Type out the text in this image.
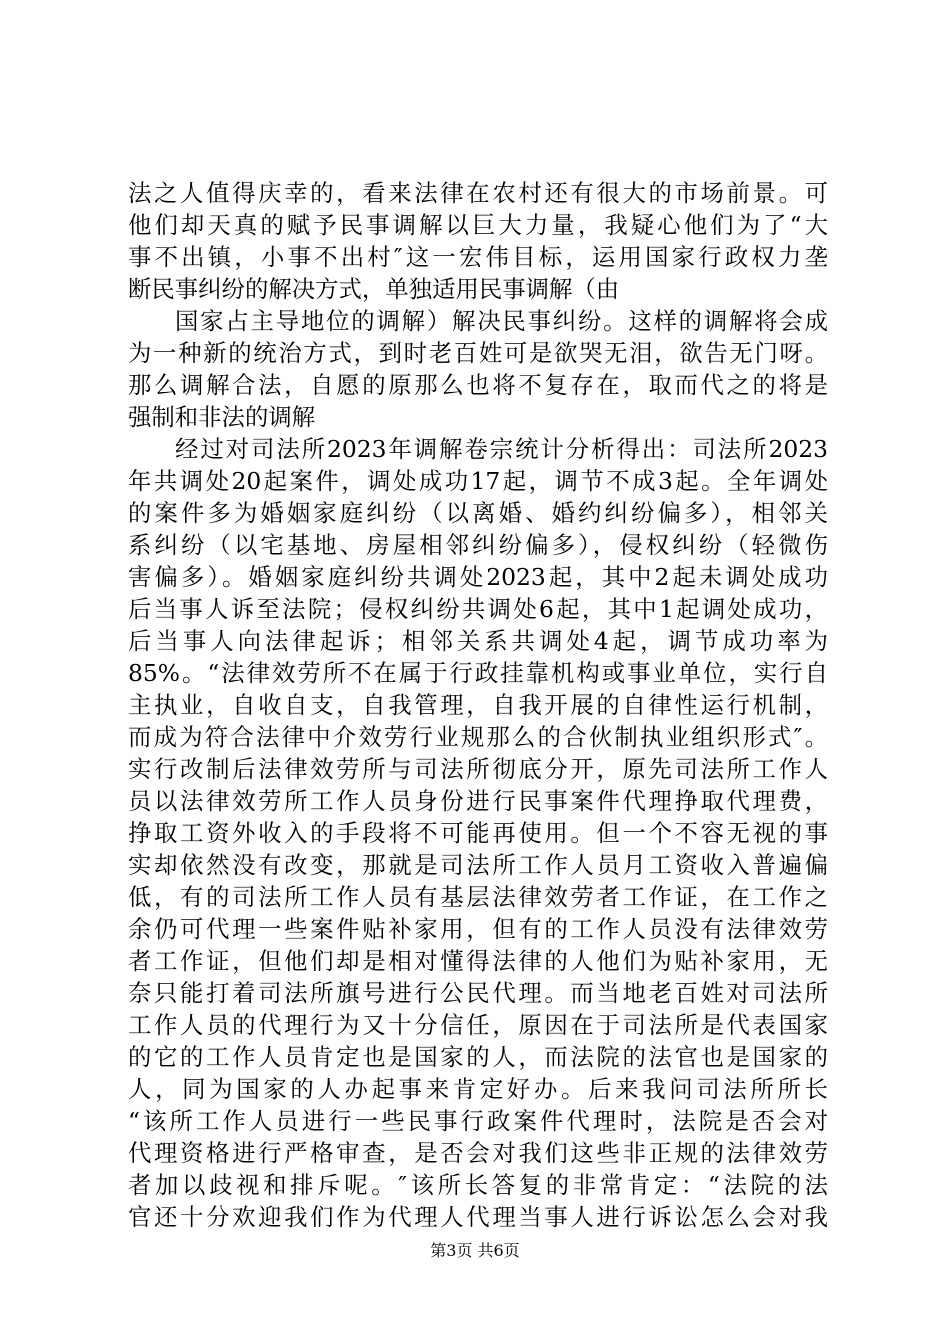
法之人值得庆幸的，看来法律在农村还有很大的市场前景。可
他们却天真的赋予民事调解以巨大力量，我疑心他们为了“大
事不出镇，小事不出村″这一宏伟目标，运用国家行政权力垄
断民事纠纷的解决方式，单独适用民事调解（由
国家占主导地位的调解）解决民事纠纷。这样的调解将会成
为一种新的统治方式，到时老百姓可是欲哭无泪，欲告无门呀。
那么调解合法，自愿的原那么也将不复存在，取而代之的将是
强制和非法的调解
经过对司法所2023年调解卷宗统计分析得出：司法所2023
年共调处20起案件，调处成功17起，调节不成3起。全年调处
的案件多为婚姻家庭纠纷（以离婚、婚约纠纷偏多），相邻关
系纠纷（以宅基地、房屋相邻纠纷偏多），侵权纠纷（轻微伤
害偏多）。婚姻家庭纠纷共调处2023起，其中2起未调处成功
后当事人诉至法院；侵权纠纷共调处6起，其中1起调处成功，
后当事人向法律起诉；相邻关系共调处4起，调节成功率为
85%。“法律效劳所不在属于行政挂靠机构或事业单位，实行自
主执业，自收自支，自我管理，自我开展的自律性运行机制，
而成为符合法律中介效劳行业规那么的合伙制执业组织形式″。
实行改制后法律效劳所与司法所彻底分开，原先司法所工作人
员以法律效劳所工作人员身份进行民事案件代理挣取代理费，
挣取工资外收入的手段将不可能再使用。但一个不容无视的事
实却依然没有改变，那就是司法所工作人员月工资收入普遍偏
低，有的司法所工作人员有基层法律效劳者工作证，在工作之
余仍可代理一些案件贴补家用，但有的工作人员没有法律效劳
者工作证，但他们却是相对懂得法律的人他们为贴补家用，无
奈只能打着司法所旗号进行公民代理。而当地老百姓对司法所
工作人员的代理行为又十分信任，原因在于司法所是代表国家
的它的工作人员肯定也是国家的人，而法院的法官也是国家的
人，同为国家的人办起事来肯定好办。后来我问司法所所长
“该所工作人员进行一些民事行政案件代理时，法院是否会对
代理资格进行严格审查，是否会对我们这些非正规的法律效劳
者加以歧视和排斥呢。″该所长答复的非常肯定：“法院的法
官还十分欢迎我们作为代理人代理当事人进行诉讼怎么会对我
第3页 共6页
